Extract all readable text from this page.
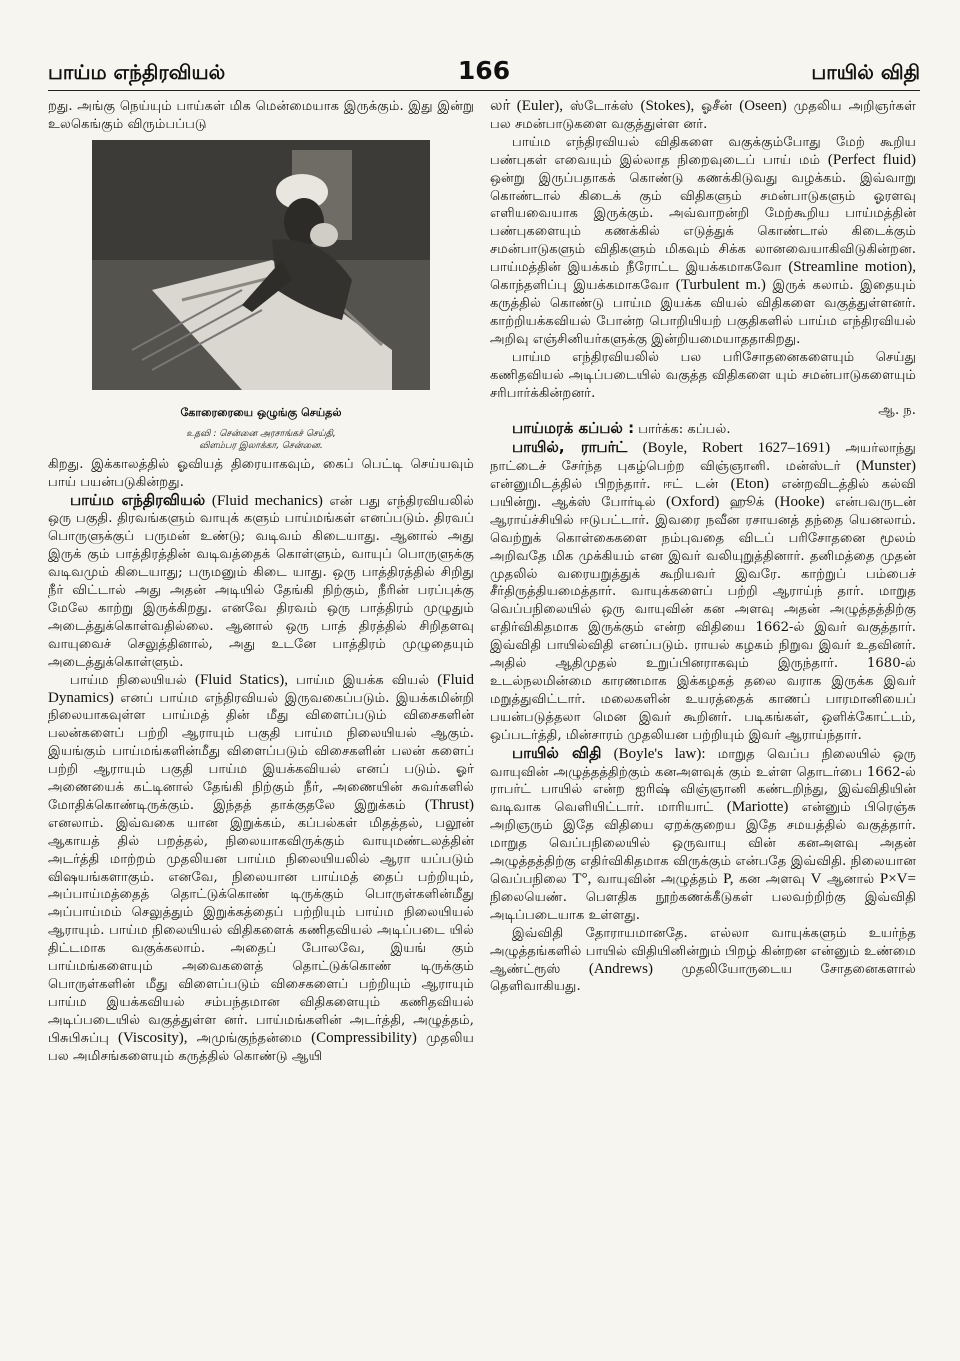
பாய்ம எந்திரவியல்	166	பாயில் விதி

றது. அங்கு நெய்யும் பாய்கள் மிக மென்மையாக இருக்கும். இது இன்று உலகெங்கும் விரும்பப்படு

கோரைரையை ஒழுங்கு செய்தல்
உதவி : சென்னை அரசாங்கச் செய்தி,
விளம்பர இலாக்கா, சென்னை.

கிறது. இக்காலத்தில் ஓவியத் திரையாகவும், கைப் பெட்டி செய்யவும் பாய் பயன்படுகின்றது.

பாய்ம எந்திரவியல் (Fluid mechanics) என் பது எந்திரவியலில் ஒரு பகுதி. திரவங்களும் வாயுக் களும் பாய்மங்கள் எனப்படும். திரவப் பொருளுக்குப் பருமன் உண்டு; வடிவம் கிடையாது. ஆனால் அது இருக் கும் பாத்திரத்தின் வடிவத்தைக் கொள்ளும், வாயுப் பொருளுக்கு வடிவமும் கிடையாது; பருமனும் கிடை யாது. ஒரு பாத்திரத்தில் சிறிது நீர் விட்டால் அது அதன் அடியில் தேங்கி நிற்கும், நீரின் பரப்புக்கு மேலே காற்று இருக்கிறது. எனவே திரவம் ஒரு பாத்திரம் முழுதும் அடைத்துக்கொள்வதில்லை. ஆனால் ஒரு பாத் திரத்தில் சிறிதளவு வாயுவைச் செலுத்தினால், அது உடனே பாத்திரம் முழுதையும் அடைத்துக்கொள்ளும்.

பாய்ம நிலையியல் (Fluid Statics), பாய்ம இயக்க வியல் (Fluid Dynamics) எனப் பாய்ம எந்திரவியல் இருவகைப்படும். இயக்கமின்றி நிலையாகவுள்ள பாய்மத் தின் மீது விளைப்படும் விசைகளின் பலன்களைப் பற்றி ஆராயும் பகுதி பாய்ம நிலையியல் ஆகும். இயங்கும் பாய்மங்களின்மீது விளைப்படும் விசைகளின் பலன் களைப் பற்றி ஆராயும் பகுதி பாய்ம இயக்கவியல் எனப் படும். ஓர் அணையைக் கட்டினால் தேங்கி நிற்கும் நீர், அணையின் சுவர்களில் மோதிக்கொண்டிருக்கும். இந்தத் தாக்குதலே இறுக்கம் (Thrust) எனலாம். இவ்வகை யான இறுக்கம், கப்பல்கள் மிதத்தல், பலூன் ஆகாயத் தில் பறத்தல், நிலையாகவிருக்கும் வாயுமண்டலத்தின் அடர்த்தி மாற்றம் முதலியன பாய்ம நிலையியலில் ஆரா யப்படும் விஷயங்களாகும். எனவே, நிலையான பாய்மத் தைப் பற்றியும், அப்பாய்மத்தைத் தொட்டுக்கொண் டிருக்கும் பொருள்களின்மீது அப்பாய்மம் செலுத்தும் இறுக்கத்தைப் பற்றியும் பாய்ம நிலையியல் ஆராயும். பாய்ம நிலையியல் விதிகளைக் கணிதவியல் அடிப்படை யில் திட்டமாக வகுக்கலாம். அதைப் போலவே, இயங் கும் பாய்மங்களையும் அவைகளைத் தொட்டுக்கொண் டிருக்கும் பொருள்களின் மீது விளைப்படும் விசைகளைப் பற்றியும் ஆராயும் பாய்ம இயக்கவியல் சம்பந்தமான விதிகளையும் கணிதவியல் அடிப்படையில் வகுத்துள்ள னர். பாய்மங்களின் அடர்த்தி, அழுத்தம், பிசுபிசுப்பு (Viscosity), அமுங்குந்தன்மை (Compressibility) முதலிய பல அமிசங்களையும் கருத்தில் கொண்டு ஆயி

லர் (Euler), ஸ்டோக்ஸ் (Stokes), ஓசீன் (Oseen) முதலிய அறிஞர்கள் பல சமன்பாடுகளை வகுத்துள்ள னர்.

பாய்ம எந்திரவியல் விதிகளை வகுக்கும்போது மேற் கூறிய பண்புகள் எவையும் இல்லாத நிறைவுடைப் பாய் மம் (Perfect fluid) ஒன்று இருப்பதாகக் கொண்டு கணக்கிடுவது வழக்கம். இவ்வாறு கொண்டால் கிடைக் கும் விதிகளும் சமன்பாடுகளும் ஓரளவு எளியவையாக இருக்கும். அவ்வாறன்றி மேற்கூறிய பாய்மத்தின் பண்புகளையும் கணக்கில் எடுத்துக் கொண்டால் கிடைக்கும் சமன்பாடுகளும் விதிகளும் மிகவும் சிக்க லானவையாகிவிடுகின்றன. பாய்மத்தின் இயக்கம் நீரோட்ட இயக்கமாகவோ (Streamline motion), கொந்தளிப்பு இயக்கமாகவோ (Turbulent m.) இருக் கலாம். இதையும் கருத்தில் கொண்டு பாய்ம இயக்க வியல் விதிகளை வகுத்துள்ளனர். காற்றியக்கவியல் போன்ற பொறியியற் பகுதிகளில் பாய்ம எந்திரவியல் அறிவு எஞ்சினியர்களுக்கு இன்றியமையாததாகிறது.

பாய்ம எந்திரவியலில் பல பரிசோதனைகளையும் செய்து கணிதவியல் அடிப்படையில் வகுத்த விதிகளை யும் சமன்பாடுகளையும் சரிபார்க்கின்றனர்.
ஆ. ந.

பாய்மரக் கப்பல் : பார்க்க: கப்பல்.

பாயில், ராபர்ட் (Boyle, Robert 1627–1691) அயர்லாந்து நாட்டைச் சேர்ந்த புகழ்பெற்ற விஞ்ஞானி. மன்ஸ்டர் (Munster) என்னுமிடத்தில் பிறந்தார். ஈட் டன் (Eton) என்றவிடத்தில் கல்வி பயின்று. ஆக்ஸ் போர்டில் (Oxford) ஹூக் (Hooke) என்பவருடன் ஆராய்ச்சியில் ஈடுபட்டார். இவரை நவீன ரசாயனத் தந்தை யெனலாம். வெற்றுக் கொள்கைகளை நம்புவதை விடப் பரிசோதனை மூலம் அறிவதே மிக முக்கியம் என இவர் வலியுறுத்தினார். தனிமத்தை முதன் முதலில் வரையறுத்துக் கூறியவர் இவரே. காற்றுப் பம்பைச் சீர்திருத்தியமைத்தார். வாயுக்களைப் பற்றி ஆராய்ந் தார். மாறுத வெப்பநிலையில் ஒரு வாயுவின் கன அளவு அதன் அழுத்தத்திற்கு எதிர்விகிதமாக இருக்கும் என்ற விதியை 1662-ல் இவர் வகுத்தார். இவ்விதி பாயில்விதி எனப்படும். ராயல் கழகம் நிறுவ இவர் உதவினர். அதில் ஆதிமுதல் உறுப்பினராகவும் இருந்தார். 1680-ல் உடல்நலமின்மை காரணமாக இக்கழகத் தலை வராக இருக்க இவர் மறுத்துவிட்டார். மலைகளின் உயரத்தைக் காணப் பாரமானியைப் பயன்படுத்தலா மென இவர் கூறினர். படிகங்கள், ஒளிக்கோட்டம், ஒப்படர்த்தி, மின்சாரம் முதலியன பற்றியும் இவர் ஆராய்ந்தார்.

பாயில் விதி (Boyle's law): மாறுத வெப்ப நிலையில் ஒரு வாயுவின் அழுத்தத்திற்கும் கனஅளவுக் கும் உள்ள தொடர்பை 1662-ல் ராபர்ட் பாயில் என்ற ஐரிஷ் விஞ்ஞானி கண்டறிந்து, இவ்விதியின் வடிவாக வெளியிட்டார். மாரியாட் (Mariotte) என்னும் பிரெஞ்சு அறிஞரும் இதே விதியை ஏறக்குறைய இதே சமயத்தில் வகுத்தார். மாறுத வெப்பநிலையில் ஒருவாயு வின் கனஅளவு அதன் அழுத்தத்திற்கு எதிர்விகிதமாக விருக்கும் என்பதே இவ்விதி. நிலையான வெப்பநிலை T°, வாயுவின் அழுத்தம் P, கன அளவு V ஆனால் P×V= நிலையெண். பௌதிக நூற்கணக்கீடுகள் பலவற்றிற்கு இவ்விதி அடிப்படையாக உள்ளது.

இவ்விதி தோராயமானதே. எல்லா வாயுக்களும் உயர்ந்த அழுத்தங்களில் பாயில் விதியினின்றும் பிறழ் கின்றன என்னும் உண்மை ஆண்ட்ரூஸ் (Andrews) முதலியோருடைய சோதனைகளால் தெளிவாகியது.
